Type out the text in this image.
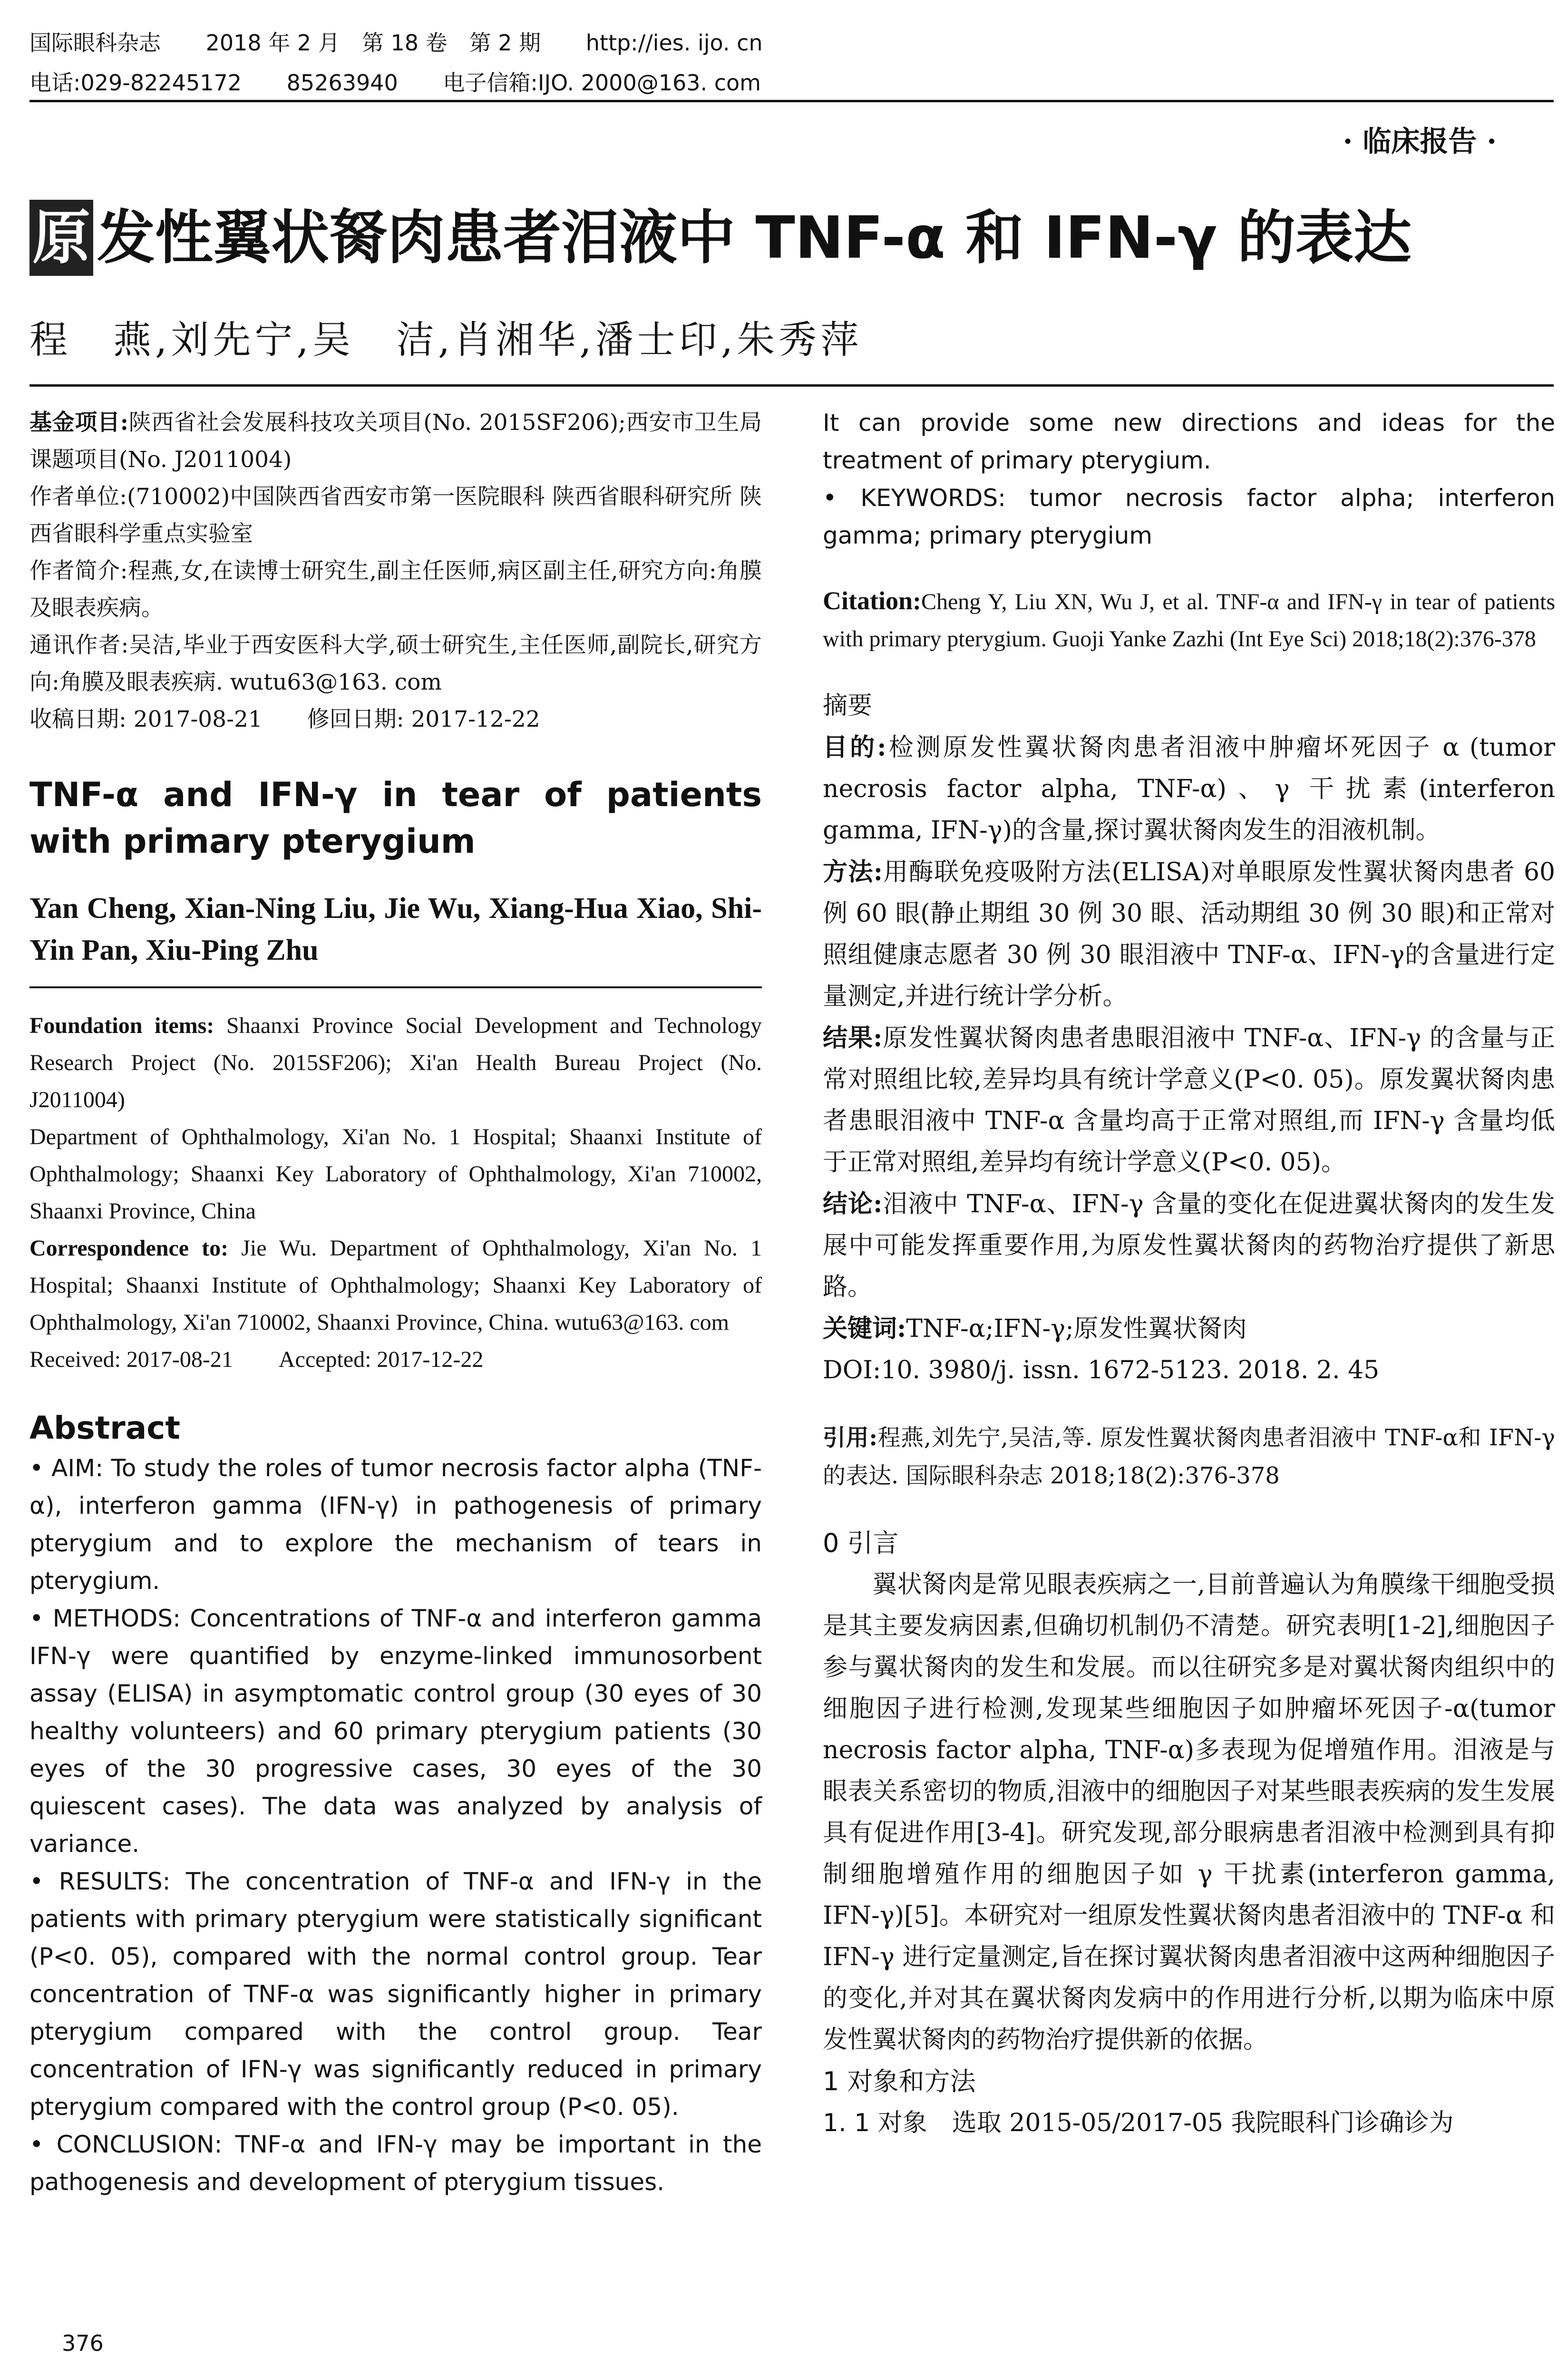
国际眼科杂志 2018 年 2 月　第 18 卷　第 2 期 http://ies. ijo. cn
电话:029-82245172 85263940 电子信箱:IJO. 2000@163. com
· 临床报告 ·
原 发性翼状胬肉患者泪液中 TNF-α 和 IFN-γ 的表达
程　燕,刘先宁,吴　洁,肖湘华,潘士印,朱秀萍

基金项目:陕西省社会发展科技攻关项目(No. 2015SF206);西安市卫生局课题项目(No. J2011004)

作者单位:(710002)中国陕西省西安市第一医院眼科 陕西省眼科研究所 陕西省眼科学重点实验室

作者简介:程燕,女,在读博士研究生,副主任医师,病区副主任,研究方向:角膜及眼表疾病。

通讯作者:吴洁,毕业于西安医科大学,硕士研究生,主任医师,副院长,研究方向:角膜及眼表疾病. wutu63@163. com

收稿日期: 2017-08-21　　修回日期: 2017-12-22

TNF-α and IFN-γ in tear of patients with primary pterygium

Yan Cheng, Xian-Ning Liu, Jie Wu, Xiang-Hua Xiao, Shi-Yin Pan, Xiu-Ping Zhu

Foundation items: Shaanxi Province Social Development and Technology Research Project (No. 2015SF206); Xi'an Health Bureau Project (No. J2011004)

Department of Ophthalmology, Xi'an No. 1 Hospital; Shaanxi Institute of Ophthalmology; Shaanxi Key Laboratory of Ophthalmology, Xi'an 710002, Shaanxi Province, China

Correspondence to: Jie Wu. Department of Ophthalmology, Xi'an No. 1 Hospital; Shaanxi Institute of Ophthalmology; Shaanxi Key Laboratory of Ophthalmology, Xi'an 710002, Shaanxi Province, China. wutu63@163. com

Received: 2017-08-21　　Accepted: 2017-12-22

Abstract

• AIM: To study the roles of tumor necrosis factor alpha (TNF-α), interferon gamma (IFN-γ) in pathogenesis of primary pterygium and to explore the mechanism of tears in pterygium.

• METHODS: Concentrations of TNF-α and interferon gamma IFN-γ were quantified by enzyme-linked immunosorbent assay (ELISA) in asymptomatic control group (30 eyes of 30 healthy volunteers) and 60 primary pterygium patients (30 eyes of the 30 progressive cases, 30 eyes of the 30 quiescent cases). The data was analyzed by analysis of variance.

• RESULTS: The concentration of TNF-α and IFN-γ in the patients with primary pterygium were statistically significant (P<0. 05), compared with the normal control group. Tear concentration of TNF-α was significantly higher in primary pterygium compared with the control group. Tear concentration of IFN-γ was significantly reduced in primary pterygium compared with the control group (P<0. 05).

• CONCLUSION: TNF-α and IFN-γ may be important in the pathogenesis and development of pterygium tissues.

It can provide some new directions and ideas for the treatment of primary pterygium.

• KEYWORDS: tumor necrosis factor alpha; interferon gamma; primary pterygium

Citation:Cheng Y, Liu XN, Wu J, et al. TNF-α and IFN-γ in tear of patients with primary pterygium. Guoji Yanke Zazhi (Int Eye Sci) 2018;18(2):376-378

摘要

目的:检测原发性翼状胬肉患者泪液中肿瘤坏死因子 α (tumor necrosis factor alpha, TNF-α)、γ 干扰素(interferon gamma, IFN-γ)的含量,探讨翼状胬肉发生的泪液机制。

方法:用酶联免疫吸附方法(ELISA)对单眼原发性翼状胬肉患者 60 例 60 眼(静止期组 30 例 30 眼、活动期组 30 例 30 眼)和正常对照组健康志愿者 30 例 30 眼泪液中 TNF-α、IFN-γ的含量进行定量测定,并进行统计学分析。

结果:原发性翼状胬肉患者患眼泪液中 TNF-α、IFN-γ 的含量与正常对照组比较,差异均具有统计学意义(P<0. 05)。原发翼状胬肉患者患眼泪液中 TNF-α 含量均高于正常对照组,而 IFN-γ 含量均低于正常对照组,差异均有统计学意义(P<0. 05)。

结论:泪液中 TNF-α、IFN-γ 含量的变化在促进翼状胬肉的发生发展中可能发挥重要作用,为原发性翼状胬肉的药物治疗提供了新思路。

关键词:TNF-α;IFN-γ;原发性翼状胬肉

DOI:10. 3980/j. issn. 1672-5123. 2018. 2. 45

引用:程燕,刘先宁,吴洁,等. 原发性翼状胬肉患者泪液中 TNF-α和 IFN-γ 的表达. 国际眼科杂志 2018;18(2):376-378

0 引言

翼状胬肉是常见眼表疾病之一,目前普遍认为角膜缘干细胞受损是其主要发病因素,但确切机制仍不清楚。研究表明[1-2],细胞因子参与翼状胬肉的发生和发展。而以往研究多是对翼状胬肉组织中的细胞因子进行检测,发现某些细胞因子如肿瘤坏死因子-α(tumor necrosis factor alpha, TNF-α)多表现为促增殖作用。泪液是与眼表关系密切的物质,泪液中的细胞因子对某些眼表疾病的发生发展具有促进作用[3-4]。研究发现,部分眼病患者泪液中检测到具有抑制细胞增殖作用的细胞因子如 γ 干扰素(interferon gamma, IFN-γ)[5]。本研究对一组原发性翼状胬肉患者泪液中的 TNF-α 和 IFN-γ 进行定量测定,旨在探讨翼状胬肉患者泪液中这两种细胞因子的变化,并对其在翼状胬肉发病中的作用进行分析,以期为临床中原发性翼状胬肉的药物治疗提供新的依据。

1 对象和方法

1. 1 对象　选取 2015-05/2017-05 我院眼科门诊确诊为

376
